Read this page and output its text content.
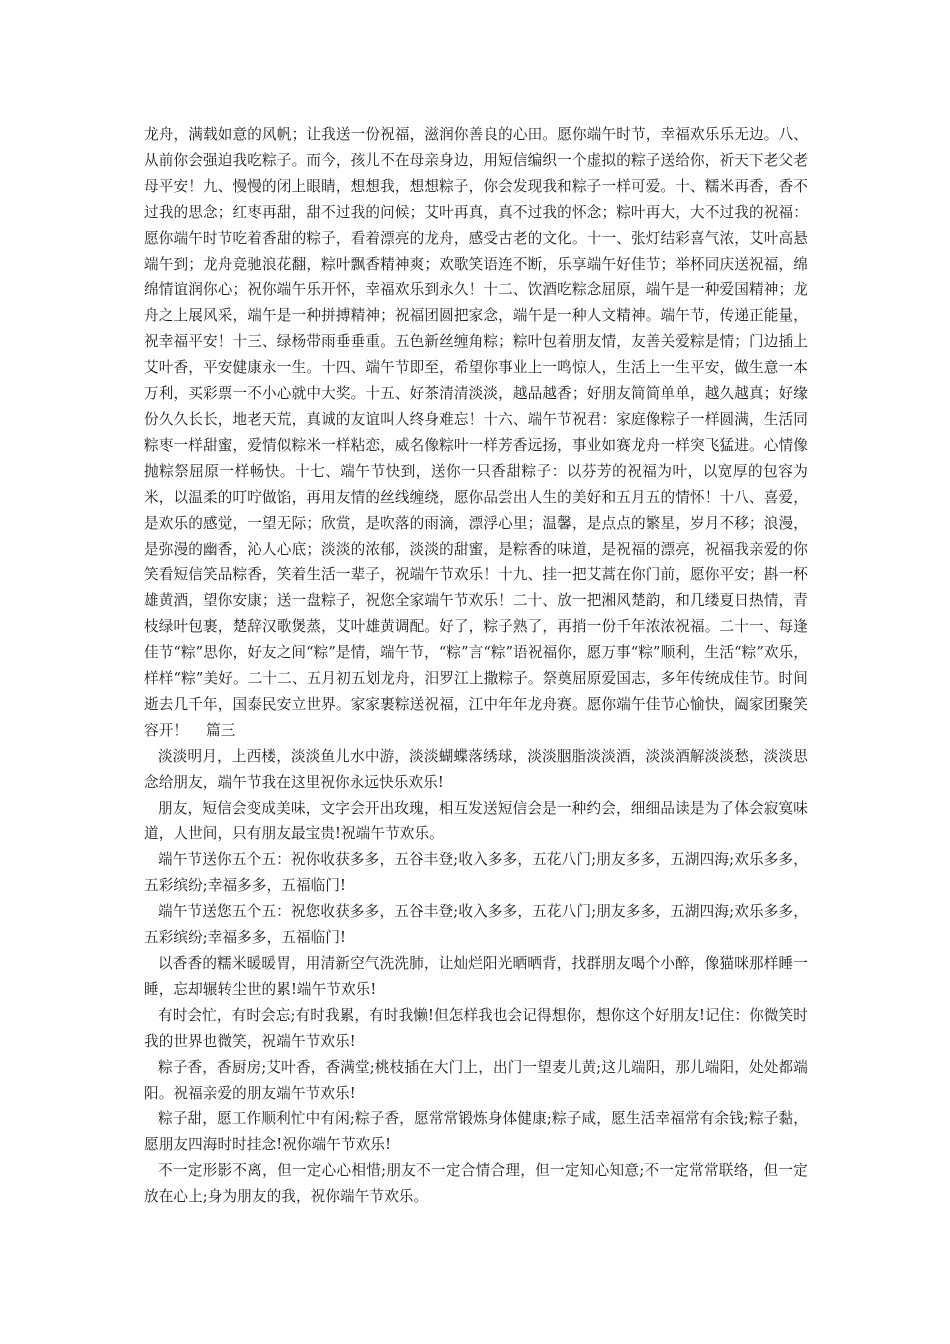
龙舟，满载如意的风帆；让我送一份祝福，滋润你善良的心田。愿你端午时节，幸福欢乐乐无边。八、从前你会强迫我吃粽子。而今，孩儿不在母亲身边，用短信编织一个虚拟的粽子送给你，祈天下老父老母平安！九、慢慢的闭上眼睛，想想我，想想粽子，你会发现我和粽子一样可爱。十、糯米再香，香不过我的思念；红枣再甜，甜不过我的问候；艾叶再真，真不过我的怀念；粽叶再大，大不过我的祝福：愿你端午时节吃着香甜的粽子，看着漂亮的龙舟，感受古老的文化。十一、张灯结彩喜气浓，艾叶高悬端午到；龙舟竞驰浪花翻，粽叶飘香精神爽；欢歌笑语连不断，乐享端午好佳节；举杯同庆送祝福，绵绵情谊润你心；祝你端午乐开怀，幸福欢乐到永久！十二、饮酒吃粽念屈原，端午是一种爱国精神；龙舟之上展风采，端午是一种拼搏精神；祝福团圆把家念，端午是一种人文精神。端午节，传递正能量，祝幸福平安！十三、绿杨带雨垂垂重。五色新丝缠角粽；粽叶包着朋友情，友善关爱粽是情；门边插上艾叶香，平安健康永一生。十四、端午节即至，希望你事业上一鸣惊人，生活上一生平安，做生意一本万利，买彩票一不小心就中大奖。十五、好茶清清淡淡，越品越香；好朋友简简单单，越久越真；好缘份久久长长，地老天荒，真诚的友谊叫人终身难忘！十六、端午节祝君：家庭像粽子一样圆满，生活同粽枣一样甜蜜，爱情似粽米一样粘恋，威名像粽叶一样芳香远扬，事业如赛龙舟一样突飞猛进。心情像抛粽祭屈原一样畅快。十七、端午节快到，送你一只香甜粽子：以芬芳的祝福为叶，以宽厚的包容为米，以温柔的叮咛做馅，再用友情的丝线缠绕，愿你品尝出人生的美好和五月五的情怀！十八、喜爱，是欢乐的感觉，一望无际；欣赏，是吹落的雨滴，漂浮心里；温馨，是点点的繁星，岁月不移；浪漫，是弥漫的幽香，沁人心底；淡淡的浓郁，淡淡的甜蜜，是粽香的味道，是祝福的漂亮，祝福我亲爱的你笑看短信笑品粽香，笑着生活一辈子，祝端午节欢乐！十九、挂一把艾蒿在你门前，愿你平安；斟一杯雄黄酒，望你安康；送一盘粽子，祝您全家端午节欢乐！二十、放一把湘风楚韵，和几缕夏日热情，青枝绿叶包裹，楚辞汉歌煲蒸，艾叶雄黄调配。好了，粽子熟了，再捎一份千年浓浓祝福。二十一、每逢佳节“粽”思你，好友之间“粽”是情，端午节，“粽”言“粽”语祝福你，愿万事“粽”顺利，生活“粽”欢乐，样样“粽”美好。二十二、五月初五划龙舟，汨罗江上撒粽子。祭奠屈原爱国志，多年传统成佳节。时间逝去几千年，国泰民安立世界。家家裹粽送祝福，江中年年龙舟赛。愿你端午佳节心愉快，阖家团聚笑容开！ 篇三

淡淡明月，上西楼，淡淡鱼儿水中游，淡淡蝴蝶落绣球，淡淡胭脂淡淡酒，淡淡酒解淡淡愁，淡淡思念给朋友，端午节我在这里祝你永远快乐欢乐!

朋友，短信会变成美味，文字会开出玫瑰，相互发送短信会是一种约会，细细品读是为了体会寂寞味道，人世间，只有朋友最宝贵!祝端午节欢乐。

端午节送你五个五：祝你收获多多，五谷丰登;收入多多，五花八门;朋友多多，五湖四海;欢乐多多，五彩缤纷;幸福多多，五福临门!

端午节送您五个五：祝您收获多多，五谷丰登;收入多多，五花八门;朋友多多，五湖四海;欢乐多多，五彩缤纷;幸福多多，五福临门!

以香香的糯米暖暖胃，用清新空气洗洗肺，让灿烂阳光晒晒背，找群朋友喝个小醉，像猫咪那样睡一睡，忘却辗转尘世的累!端午节欢乐!

有时会忙，有时会忘;有时我累，有时我懒!但怎样我也会记得想你，想你这个好朋友!记住：你微笑时我的世界也微笑，祝端午节欢乐!

粽子香，香厨房;艾叶香，香满堂;桃枝插在大门上，出门一望麦儿黄;这儿端阳，那儿端阳，处处都端阳。祝福亲爱的朋友端午节欢乐!

粽子甜，愿工作顺利忙中有闲;粽子香，愿常常锻炼身体健康;粽子咸，愿生活幸福常有余钱;粽子黏，愿朋友四海时时挂念!祝你端午节欢乐!

不一定形影不离，但一定心心相惜;朋友不一定合情合理，但一定知心知意;不一定常常联络，但一定放在心上;身为朋友的我，祝你端午节欢乐。
